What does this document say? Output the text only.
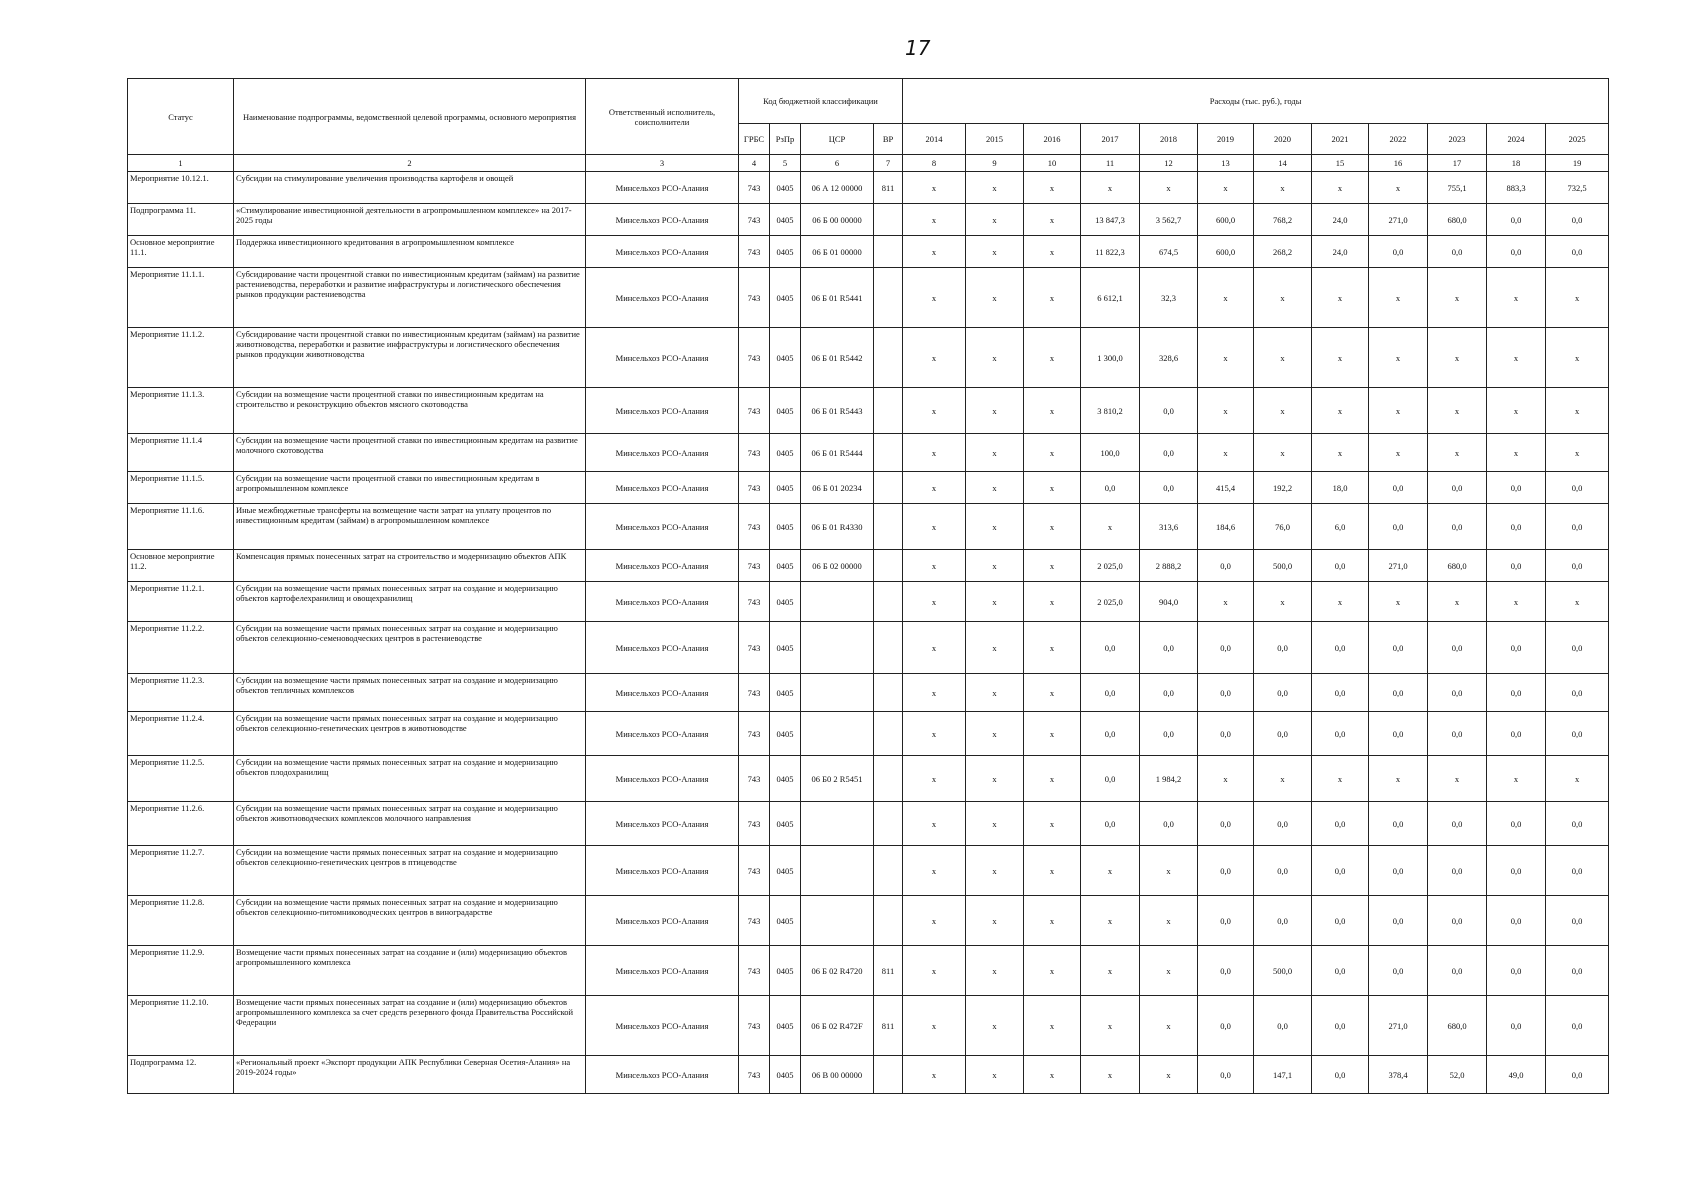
17
Статус	Наименование подпрограммы, ведомственной целевой программы, основного мероприятия	Ответственный исполнитель, соисполнители	Код бюджетной классификации				Расходы (тыс. руб.), годы											
			ГРБС	РзПр	ЦСР	ВР	2014	2015	2016	2017	2018	2019	2020	2021	2022	2023	2024	2025
1	2	3	4	5	6	7	8	9	10	11	12	13	14	15	16	17	18	19
Мероприятие 10.12.1.	Субсидии на стимулирование увеличения производства картофеля и овощей	Минсельхоз РСО-Алания	743	0405	06 А 12 00000	811	x	x	x	x	x	x	x	x	x	755,1	883,3	732,5
Подпрограмма 11.	«Стимулирование инвестиционной деятельности в агропромышленном комплексе» на 2017-2025 годы	Минсельхоз РСО-Алания	743	0405	06 Б 00 00000		x	x	x	13 847,3	3 562,7	600,0	768,2	24,0	271,0	680,0	0,0	0,0
Основное мероприятие 11.1.	Поддержка инвестиционного кредитования в агропромышленном комплексе	Минсельхоз РСО-Алания	743	0405	06 Б 01 00000		x	x	x	11 822,3	674,5	600,0	268,2	24,0	0,0	0,0	0,0	0,0
Мероприятие 11.1.1.	Субсидирование части процентной ставки по инвестиционным кредитам (займам) на развитие растениеводства, переработки и развитие инфраструктуры и логистического обеспечения рынков продукции растениеводства	Минсельхоз РСО-Алания	743	0405	06 Б 01 R5441		x	x	x	6 612,1	32,3	x	x	x	x	x	x	x
Мероприятие 11.1.2.	Субсидирование части процентной ставки по инвестиционным кредитам (займам) на развитие животноводства, переработки и развитие инфраструктуры и логистического обеспечения рынков продукции животноводства	Минсельхоз РСО-Алания	743	0405	06 Б 01 R5442		x	x	x	1 300,0	328,6	x	x	x	x	x	x	x
Мероприятие 11.1.3.	Субсидии на возмещение части процентной ставки по инвестиционным кредитам на строительство и реконструкцию объектов мясного скотоводства	Минсельхоз РСО-Алания	743	0405	06 Б 01 R5443		x	x	x	3 810,2	0,0	x	x	x	x	x	x	x
Мероприятие 11.1.4	Субсидии на возмещение части процентной ставки по инвестиционным кредитам на развитие молочного скотоводства	Минсельхоз РСО-Алания	743	0405	06 Б 01 R5444		x	x	x	100,0	0,0	x	x	x	x	x	x	x
Мероприятие 11.1.5.	Субсидии на возмещение части процентной ставки по инвестиционным кредитам в агропромышленном комплексе	Минсельхоз РСО-Алания	743	0405	06 Б 01 20234		x	x	x	0,0	0,0	415,4	192,2	18,0	0,0	0,0	0,0	0,0
Мероприятие 11.1.6.	Иные межбюджетные трансферты на возмещение части затрат на уплату процентов по инвестиционным кредитам (займам) в агропромышленном комплексе	Минсельхоз РСО-Алания	743	0405	06 Б 01 R4330		x	x	x	x	313,6	184,6	76,0	6,0	0,0	0,0	0,0	0,0
Основное мероприятие 11.2.	Компенсация прямых понесенных затрат на строительство и модернизацию объектов АПК	Минсельхоз РСО-Алания	743	0405	06 Б 02 00000		x	x	x	2 025,0	2 888,2	0,0	500,0	0,0	271,0	680,0	0,0	0,0
Мероприятие 11.2.1.	Субсидии на возмещение части прямых понесенных затрат на создание и модернизацию объектов картофелехранилищ и овощехранилищ	Минсельхоз РСО-Алания	743	0405			x	x	x	2 025,0	904,0	x	x	x	x	x	x	x
Мероприятие 11.2.2.	Субсидии на возмещение части прямых понесенных затрат на создание и модернизацию объектов селекционно-семеноводческих центров в растениеводстве	Минсельхоз РСО-Алания	743	0405			x	x	x	0,0	0,0	0,0	0,0	0,0	0,0	0,0	0,0	0,0
Мероприятие 11.2.3.	Субсидии на возмещение части прямых понесенных затрат на создание и модернизацию объектов тепличных комплексов	Минсельхоз РСО-Алания	743	0405			x	x	x	0,0	0,0	0,0	0,0	0,0	0,0	0,0	0,0	0,0
Мероприятие 11.2.4.	Субсидии на возмещение части прямых понесенных затрат на создание и модернизацию объектов селекционно-генетических центров в животноводстве	Минсельхоз РСО-Алания	743	0405			x	x	x	0,0	0,0	0,0	0,0	0,0	0,0	0,0	0,0	0,0
Мероприятие 11.2.5.	Субсидии на возмещение части прямых понесенных затрат на создание и модернизацию объектов плодохранилищ	Минсельхоз РСО-Алания	743	0405	06 Б0 2 R5451		x	x	x	0,0	1 984,2	x	x	x	x	x	x	x
Мероприятие 11.2.6.	Субсидии на возмещение части прямых понесенных затрат на создание и модернизацию объектов животноводческих комплексов молочного направления	Минсельхоз РСО-Алания	743	0405			x	x	x	0,0	0,0	0,0	0,0	0,0	0,0	0,0	0,0	0,0
Мероприятие 11.2.7.	Субсидии на возмещение части прямых понесенных затрат на создание и модернизацию объектов селекционно-генетических центров в птицеводстве	Минсельхоз РСО-Алания	743	0405			x	x	x	x	x	0,0	0,0	0,0	0,0	0,0	0,0	0,0
Мероприятие 11.2.8.	Субсидии на возмещение части прямых понесенных затрат на создание и модернизацию объектов селекционно-питомниководческих центров в виноградарстве	Минсельхоз РСО-Алания	743	0405			x	x	x	x	x	0,0	0,0	0,0	0,0	0,0	0,0	0,0
Мероприятие 11.2.9.	Возмещение части прямых понесенных затрат на создание и (или) модернизацию объектов агропромышленного комплекса	Минсельхоз РСО-Алания	743	0405	06 Б 02 R4720	811	x	x	x	x	x	0,0	500,0	0,0	0,0	0,0	0,0	0,0
Мероприятие 11.2.10.	Возмещение части прямых понесенных затрат на создание и (или) модернизацию объектов агропромышленного комплекса за счет средств резервного фонда Правительства Российской Федерации	Минсельхоз РСО-Алания	743	0405	06 Б 02 R472F	811	x	x	x	x	x	0,0	0,0	0,0	271,0	680,0	0,0	0,0
Подпрограмма 12.	«Региональный проект «Экспорт продукции АПК Республики Северная Осетия-Алания» на 2019-2024 годы»	Минсельхоз РСО-Алания	743	0405	06 В 00 00000		x	x	x	x	x	0,0	147,1	0,0	378,4	52,0	49,0	0,0
